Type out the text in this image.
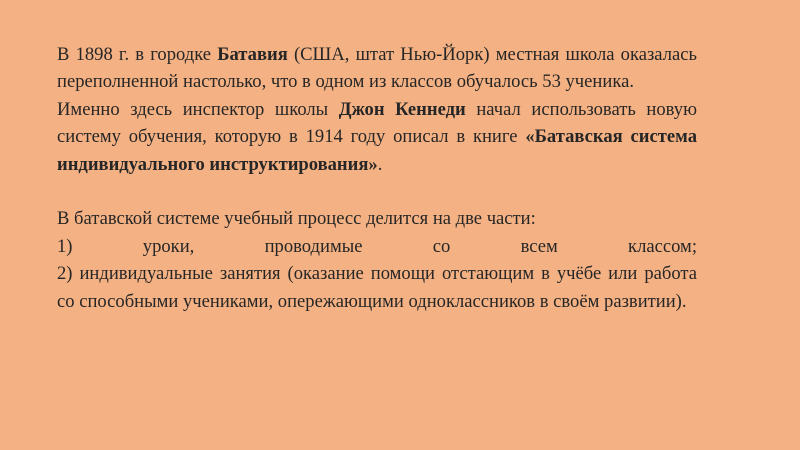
В 1898 г. в городке Батавия (США, штат Нью-Йорк) местная школа оказалась переполненной настолько, что в одном из классов обучалось 53 ученика.

Именно здесь инспектор школы Джон Кеннеди начал использовать новую систему обучения, которую в 1914 году описал в книге «Батавская система индивидуального инструктирования».

В батавской системе учебный процесс делится на две части:

1) уроки, проводимые со всем классом;

2) индивидуальные занятия (оказание помощи отстающим в учёбе или работа со способными учениками, опережающими одноклассников в своём развитии).
